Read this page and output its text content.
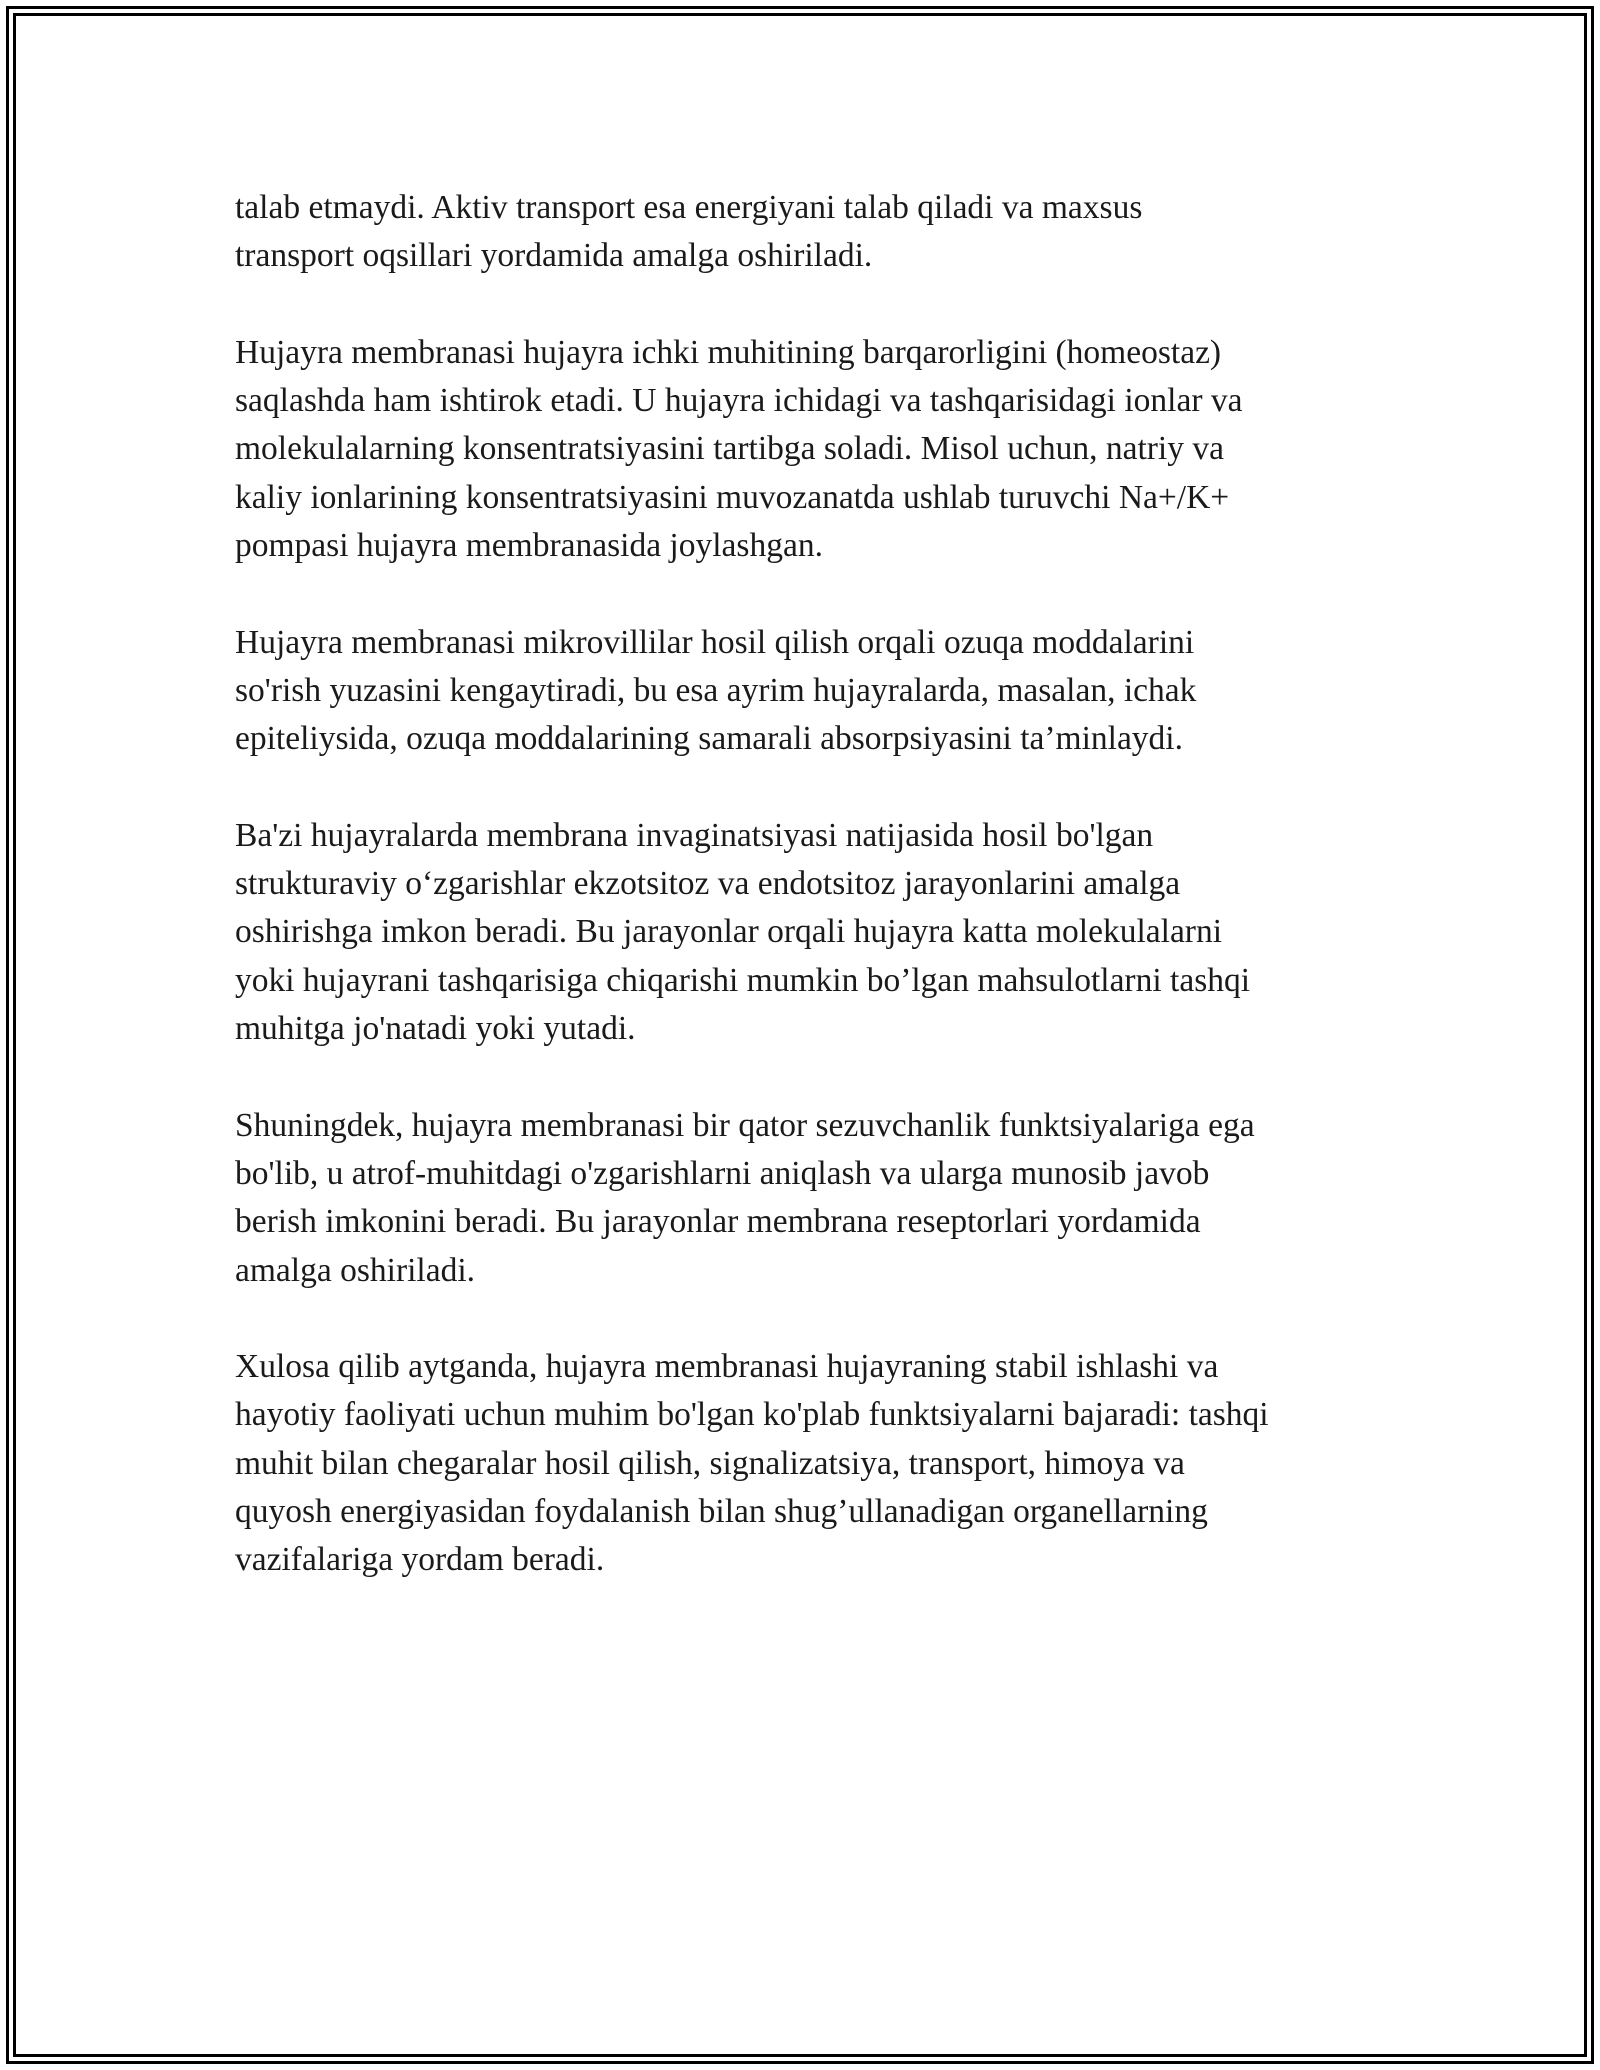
talab etmaydi. Aktiv transport esa energiyani talab qiladi va maxsus
transport oqsillari yordamida amalga oshiriladi.

Hujayra membranasi hujayra ichki muhitining barqarorligini (homeostaz)
saqlashda ham ishtirok etadi. U hujayra ichidagi va tashqarisidagi ionlar va
molekulalarning konsentratsiyasini tartibga soladi. Misol uchun, natriy va
kaliy ionlarining konsentratsiyasini muvozanatda ushlab turuvchi Na+/K+
pompasi hujayra membranasida joylashgan.

Hujayra membranasi mikrovillilar hosil qilish orqali ozuqa moddalarini
so'rish yuzasini kengaytiradi, bu esa ayrim hujayralarda, masalan, ichak
epiteliysida, ozuqa moddalarining samarali absorpsiyasini ta’minlaydi.

Ba'zi hujayralarda membrana invaginatsiyasi natijasida hosil bo'lgan
strukturaviy o‘zgarishlar ekzotsitoz va endotsitoz jarayonlarini amalga
oshirishga imkon beradi. Bu jarayonlar orqali hujayra katta molekulalarni
yoki hujayrani tashqarisiga chiqarishi mumkin bo’lgan mahsulotlarni tashqi
muhitga jo'natadi yoki yutadi.

Shuningdek, hujayra membranasi bir qator sezuvchanlik funktsiyalariga ega
bo'lib, u atrof-muhitdagi o'zgarishlarni aniqlash va ularga munosib javob
berish imkonini beradi. Bu jarayonlar membrana reseptorlari yordamida
amalga oshiriladi.

Xulosa qilib aytganda, hujayra membranasi hujayraning stabil ishlashi va
hayotiy faoliyati uchun muhim bo'lgan ko'plab funktsiyalarni bajaradi: tashqi
muhit bilan chegaralar hosil qilish, signalizatsiya, transport, himoya va
quyosh energiyasidan foydalanish bilan shug’ullanadigan organellarning
vazifalariga yordam beradi.
